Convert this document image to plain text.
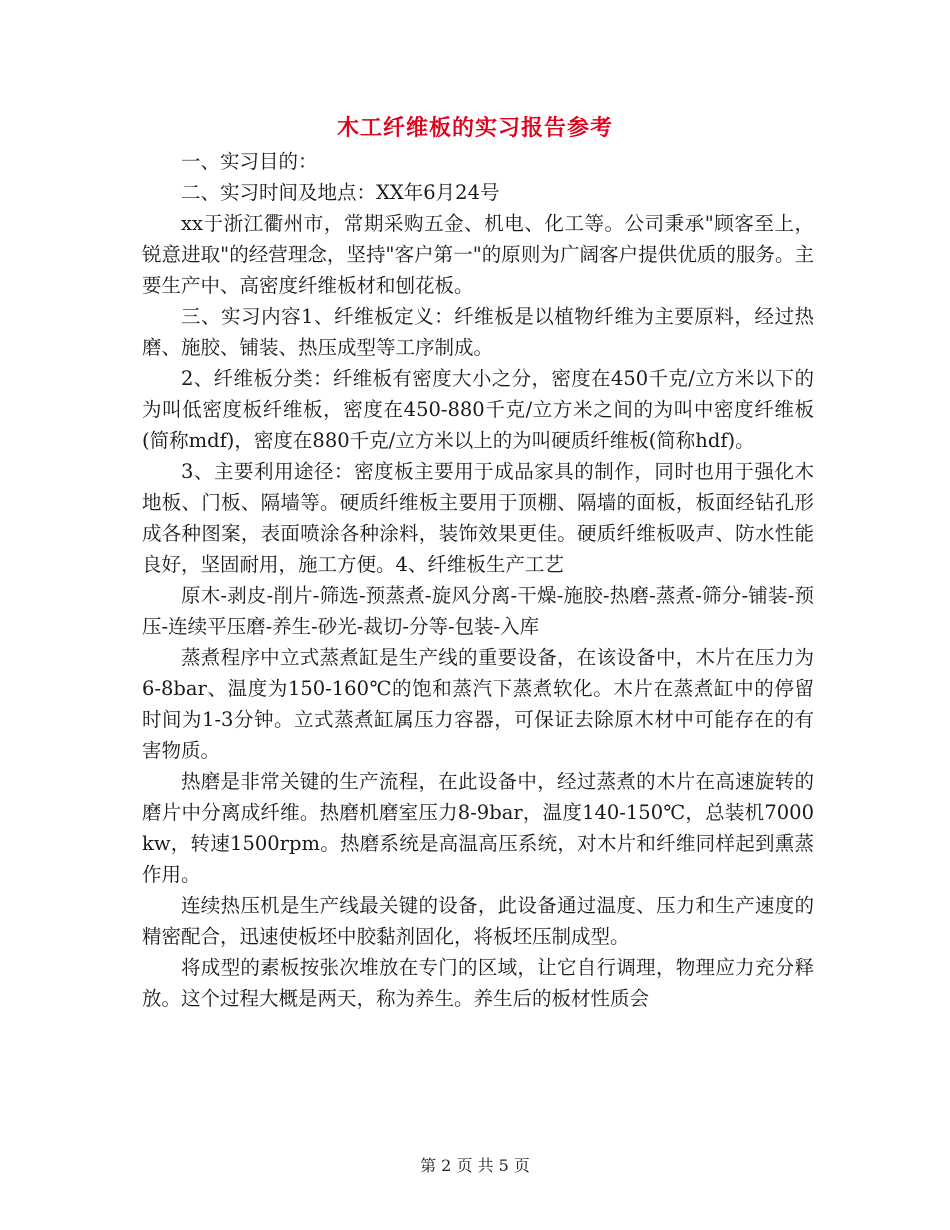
木工纤维板的实习报告参考

一、实习目的：

二、实习时间及地点：XX年6月24号

xx于浙江衢州市，常期采购五金、机电、化工等。公司秉承"顾客至上，锐意进取"的经营理念，坚持"客户第一"的原则为广阔客户提供优质的服务。主要生产中、高密度纤维板材和刨花板。

三、实习内容1、纤维板定义：纤维板是以植物纤维为主要原料，经过热磨、施胶、铺装、热压成型等工序制成。

2、纤维板分类：纤维板有密度大小之分，密度在450千克/立方米以下的为叫低密度板纤维板，密度在450-880千克/立方米之间的为叫中密度纤维板(简称mdf)，密度在880千克/立方米以上的为叫硬质纤维板(简称hdf)。

3、主要利用途径：密度板主要用于成品家具的制作，同时也用于强化木地板、门板、隔墙等。硬质纤维板主要用于顶棚、隔墙的面板，板面经钻孔形成各种图案，表面喷涂各种涂料，装饰效果更佳。硬质纤维板吸声、防水性能良好，坚固耐用，施工方便。4、纤维板生产工艺

原木-剥皮-削片-筛选-预蒸煮-旋风分离-干燥-施胶-热磨-蒸煮-筛分-铺装-预压-连续平压磨-养生-砂光-裁切-分等-包装-入库

蒸煮程序中立式蒸煮缸是生产线的重要设备，在该设备中，木片在压力为6-8bar、温度为150-160℃的饱和蒸汽下蒸煮软化。木片在蒸煮缸中的停留时间为1-3分钟。立式蒸煮缸属压力容器，可保证去除原木材中可能存在的有害物质。

热磨是非常关键的生产流程，在此设备中，经过蒸煮的木片在高速旋转的磨片中分离成纤维。热磨机磨室压力8-9bar，温度140-150℃，总装机7000kw，转速1500rpm。热磨系统是高温高压系统，对木片和纤维同样起到熏蒸作用。

连续热压机是生产线最关键的设备，此设备通过温度、压力和生产速度的精密配合，迅速使板坯中胶黏剂固化，将板坯压制成型。

将成型的素板按张次堆放在专门的区域，让它自行调理，物理应力充分释放。这个过程大概是两天，称为养生。养生后的板材性质会

第 2 页 共 5 页
